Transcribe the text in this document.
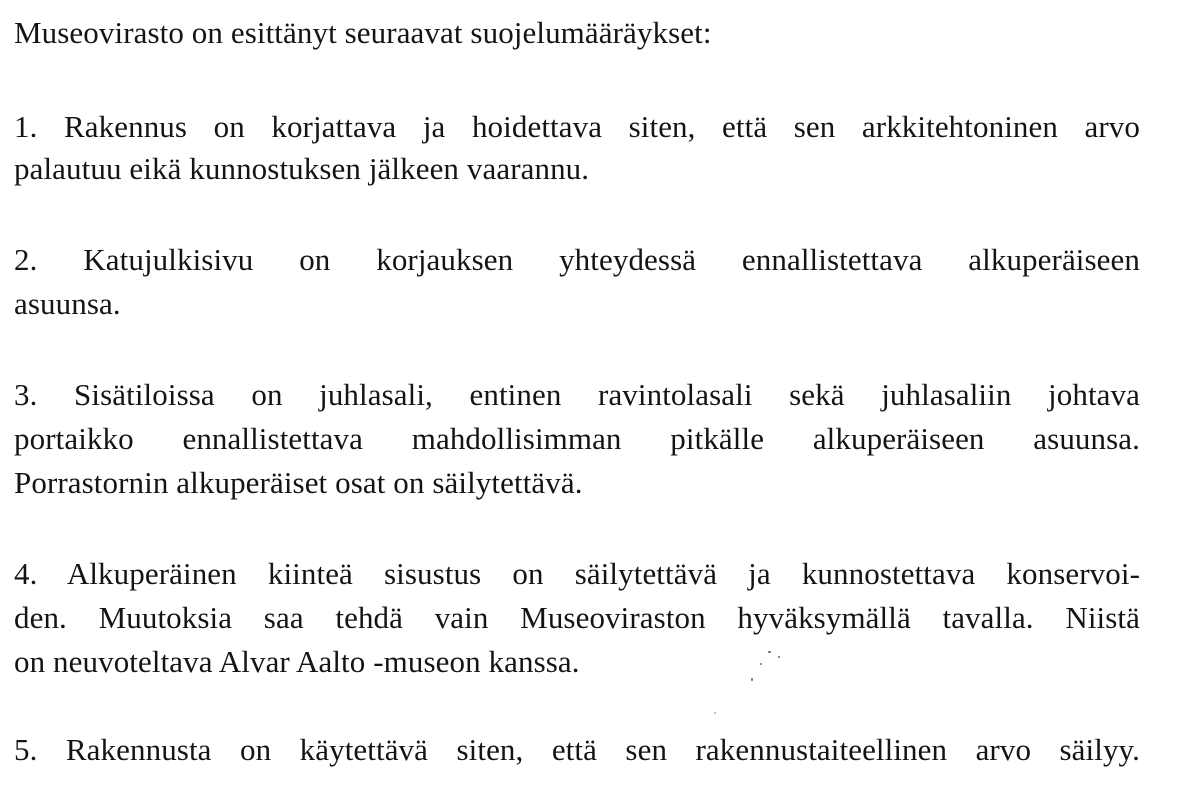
Museovirasto on esittänyt seuraavat suojelumääräykset:
1. Rakennus on korjattava ja hoidettava siten, että sen arkkitehtoninen arvo
palautuu eikä kunnostuksen jälkeen vaarannu.
2. Katujulkisivu on korjauksen yhteydessä ennallistettava alkuperäiseen
asuunsa.
3. Sisätiloissa on juhlasali, entinen ravintolasali sekä juhlasaliin johtava
portaikko ennallistettava mahdollisimman pitkälle alkuperäiseen asuunsa.
Porrastornin alkuperäiset osat on säilytettävä.
4. Alkuperäinen kiinteä sisustus on säilytettävä ja kunnostettava konservoi-
den. Muutoksia saa tehdä vain Museoviraston hyväksymällä tavalla. Niistä
on neuvoteltava Alvar Aalto -museon kanssa.
5. Rakennusta on käytettävä siten, että sen rakennustaiteellinen arvo säilyy.
